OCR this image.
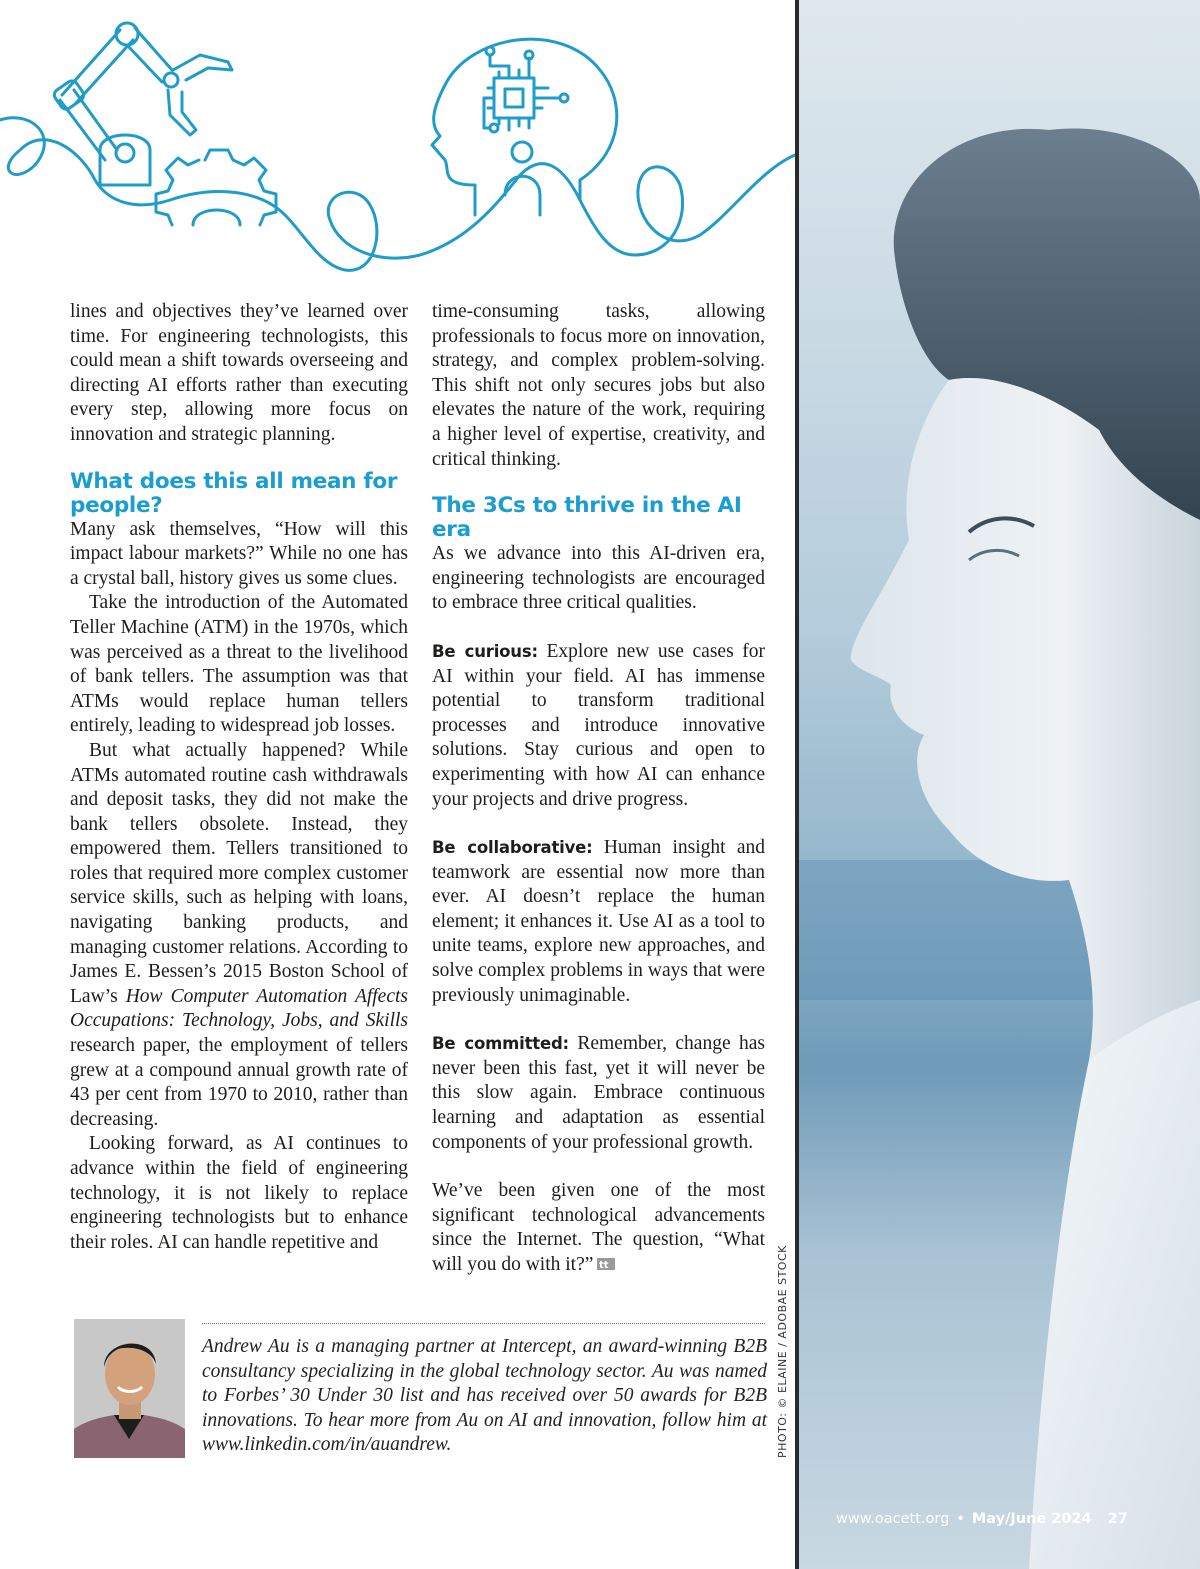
lines and objectives they’ve learned over time. For engineering technologists, this could mean a shift towards overseeing and directing AI efforts rather than executing every step, allowing more focus on innovation and strategic planning.

What does this all mean for people?

Many ask themselves, “How will this impact labour markets?” While no one has a crystal ball, history gives us some clues.

Take the introduction of the Automated Teller Machine (ATM) in the 1970s, which was perceived as a threat to the livelihood of bank tellers. The assumption was that ATMs would replace human tellers entirely, leading to widespread job losses.

But what actually happened? While ATMs automated routine cash withdrawals and deposit tasks, they did not make the bank tellers obsolete. Instead, they empowered them. Tellers transitioned to roles that required more complex customer service skills, such as helping with loans, navigating banking products, and managing customer relations. According to James E. Bessen’s 2015 Boston School of Law’s How Computer Automation Affects Occupations: Technology, Jobs, and Skills research paper, the employment of tellers grew at a compound annual growth rate of 43 per cent from 1970 to 2010, rather than decreasing.

Looking forward, as AI continues to advance within the field of engineering technology, it is not likely to replace engineering technologists but to enhance their roles. AI can handle repetitive and

time-consuming tasks, allowing professionals to focus more on innovation, strategy, and complex problem-solving. This shift not only secures jobs but also elevates the nature of the work, requiring a higher level of expertise, creativity, and critical thinking.

The 3Cs to thrive in the AI era

As we advance into this AI-driven era, engineering technologists are encouraged to embrace three critical qualities.

Be curious: Explore new use cases for AI within your field. AI has immense potential to transform traditional processes and introduce innovative solutions. Stay curious and open to experimenting with how AI can enhance your projects and drive progress.

Be collaborative: Human insight and teamwork are essential now more than ever. AI doesn’t replace the human element; it enhances it. Use AI as a tool to unite teams, explore new approaches, and solve complex problems in ways that were previously unimaginable.

Be committed: Remember, change has never been this fast, yet it will never be this slow again. Embrace continuous learning and adaptation as essential components of your professional growth.

We’ve been given one of the most significant technological advancements since the Internet. The question, “What will you do with it?” tt

Andrew Au is a managing partner at Intercept, an award-winning B2B consultancy specializing in the global technology sector. Au was named to Forbes’ 30 Under 30 list and has received over 50 awards for B2B innovations. To hear more from Au on AI and innovation, follow him at www.linkedin.com/in/auandrew.	PHOTO: © ELAINE / ADOBAE STOCK
www.oacett.org • May/June 2024 27
